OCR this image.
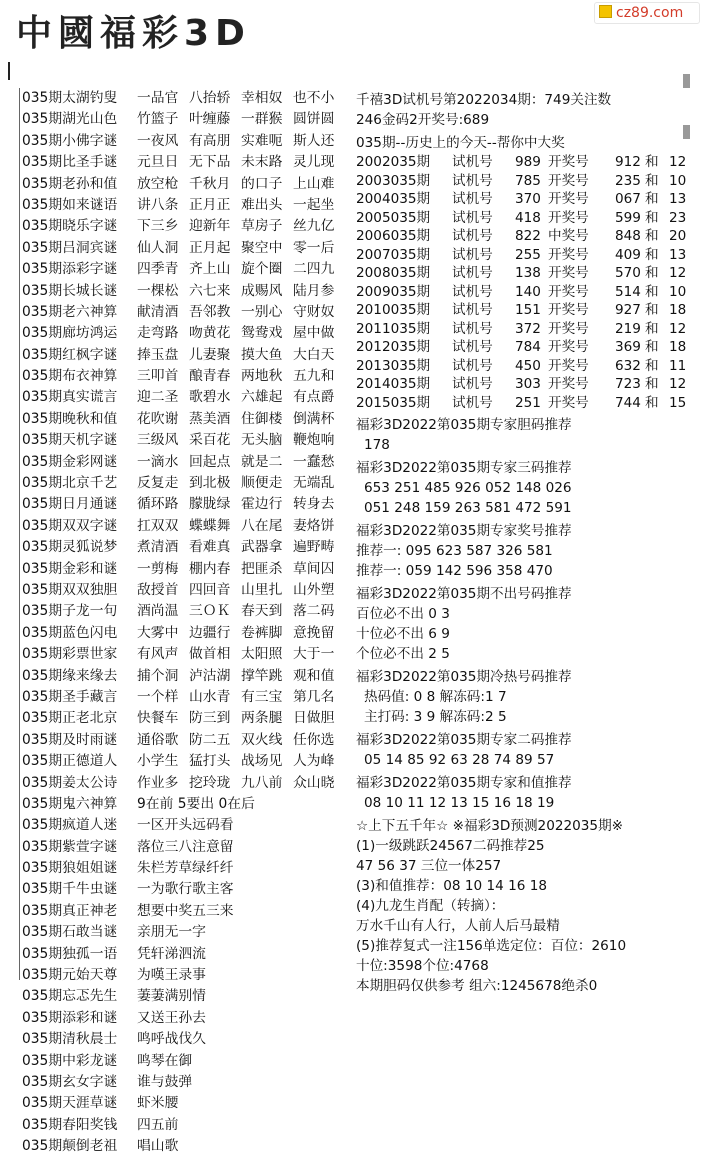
中國福彩3D	cz89.com
035期太湖钓叟 一品官 八抬轿 幸相奴 也不小
035期湖光山色 竹篮子 叶缠藤 一群猴 圆饼圆
035期小佛字谜 一夜风 有高朋 实难呃 斯人还
035期比圣手谜 元旦日 无下品 未末路 灵儿现
035期老孙和值 放空枪 千秋月 的口子 上山难
035期如来谜语 讲八条 正月正 难出头 一起坐
035期晓乐字谜 下三乡 迎新年 草房子 丝九亿
035期吕洞宾谜 仙人洞 正月起 聚空中 零一后
035期添彩字谜 四季青 齐上山 旋个圈 二四九
035期长城长谜 一棵松 六七来 成赐风 陆月参
035期老六神算 献清酒 吾邻教 一别心 守财奴
035期廊坊鸿运 走弯路 吻黄花 鸳鸯戏 屋中做
035期红枫字谜 捧玉盘 儿妻聚 摸大鱼 大白天
035期布衣神算 三叩首 酿青春 两地秋 五九和
035期真实谎言 迎二圣 歌碧水 六雄起 有点爵
035期晚秋和值 花吹谢 蒸美酒 住御楼 倒满杯
035期天机字谜 三级风 采百花 无头脑 鞭炮响
035期金彩网谜 一滴水 回起点 就是二 一蠢愁
035期北京千艺 反复走 到北极 顺便走 无端乱
035期日月通谜 循环路 朦胧绿 霍边行 转身去
035期双双字谜 扛双双 蝶蝶舞 八在尾 妻烙饼
035期灵狐说梦 煮清酒 看难真 武器拿 遍野畴
035期金彩和谜 一剪梅 棚内春 把匪杀 草间囚
035期双双独胆 敌授首 四回音 山里扎 山外塑
035期子龙一句 酒尚温 三ＯＫ 春天到 落二码
035期蓝色闪电 大雾中 边疆行 卷裤脚 意挽留
035期彩票世家 有风声 做首相 太阳照 大于一
035期缘来缘去 捕个洞 泸沽湖 撑竿跳 观和值
035期圣手藏言 一个样 山水青 有三宝 第几名
035期正老北京 快餐车 防三到 两条腿 日做胆
035期及时雨谜 通俗歌 防二五 双火线 任你选
035期正德道人 小学生 猛打头 战场见 人为峰
035期姜太公诗 作业多 挖玲珑 九八前 众山晓
035期鬼六神算 9在前 5要出 0在后
035期疯道人迷 一区开头远码看
035期紫萱字谜 落位三八注意留
035期狼姐姐谜 朱栏芳草绿纤纤
035期千牛虫谜 一为歌行歌主客
035期真正神老 想要中奖五三来
035期石敢当谜 亲朋无一字
035期独孤一语 凭轩涕泗流
035期元始天尊 为嘆王录事
035期忘忑先生 萋萋满别情
035期添彩和谜 又送王孙去
035期清秋晨士 鸣呼战伐久
035期中彩龙谜 鸣琴在御
035期玄女字谜 谁与鼓弹
035期天涯草谜 虾米腰
035期春阳奖钱 四五前
035期颠倒老祖 唱山歌
千禧3D试机号第2022034期：749关注数
246金码2开奖号:689
035期--历史上的今天--帮你中大奖
2002035期 试机号 989 开奖号 912 和 12
2003035期 试机号 785 开奖号 235 和 10
2004035期 试机号 370 开奖号 067 和 13
2005035期 试机号 418 开奖号 599 和 23
2006035期 试机号 822 中奖号 848 和 20
2007035期 试机号 255 开奖号 409 和 13
2008035期 试机号 138 开奖号 570 和 12
2009035期 试机号 140 开奖号 514 和 10
2010035期 试机号 151 开奖号 927 和 18
2011035期 试机号 372 开奖号 219 和 12
2012035期 试机号 784 开奖号 369 和 18
2013035期 试机号 450 开奖号 632 和 11
2014035期 试机号 303 开奖号 723 和 12
2015035期 试机号 251 开奖号 744 和 15
福彩3D2022第035期专家胆码推荐
178
福彩3D2022第035期专家三码推荐
653 251 485 926 052 148 026
051 248 159 263 581 472 591
福彩3D2022第035期专家奖号推荐
推荐一: 095 623 587 326 581
推荐一: 059 142 596 358 470
福彩3D2022第035期不出号码推荐
百位必不出 0 3
十位必不出 6 9
个位必不出 2 5
福彩3D2022第035期冷热号码推荐
热码值: 0 8 解冻码:1 7
主打码: 3 9 解冻码:2 5
福彩3D2022第035期专家二码推荐
05 14 85 92 63 28 74 89 57
福彩3D2022第035期专家和值推荐
08 10 11 12 13 15 16 18 19
☆上下五千年☆ ※福彩3D预测2022035期※
(1)一级跳跃24567二码推荐25
47 56 37 三位一体257
(3)和值推荐：08 10 14 16 18
(4)九龙生肖配（转摘）：
万水千山有人行，人前人后马最精
(5)推荐复式一注156单选定位：百位：2610
十位:3598个位:4768
本期胆码仅供参考 组六:1245678绝杀0
